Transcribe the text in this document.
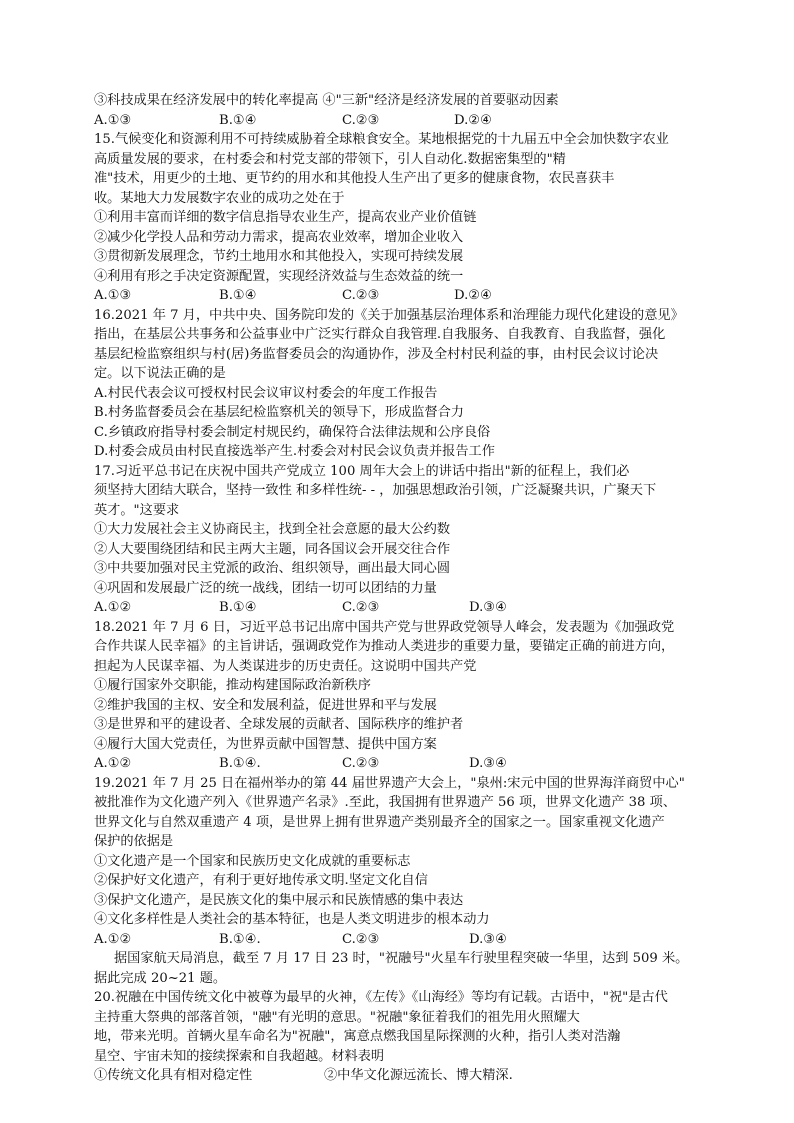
③科技成果在经济发展中的转化率提高 ④"三新"经济是经济发展的首要驱动因素
A.①③	B.①④	C.②③	D.②④
15.气候变化和资源利用不可持续威胁着全球粮食安全。某地根据党的十九届五中全会加快数字农业
高质量发展的要求，在村委会和村党支部的带领下，引人自动化.数据密集型的"精
准"技术，用更少的土地、更节约的用水和其他投人生产出了更多的健康食物，农民喜获丰
收。某地大力发展数字农业的成功之处在于
①利用丰富而详细的数字信息指导农业生产，提高农业产业价值链
②减少化学投人品和劳动力需求，提高农业效率，增加企业收入
③贯彻新发展理念，节约土地用水和其他投入，实现可持续发展
④利用有形之手决定资源配置，实现经济效益与生态效益的统一
A.①③	B.①④	C.②③	D.②④
16.2021 年 7 月，中共中央、国务院印发的《关于加强基层治理体系和治理能力现代化建设的意见》
指出，在基层公共事务和公益事业中广泛实行群众自我管理.自我服务、自我教育、自我监督，强化
基层纪检监察组织与村(居)务监督委员会的沟通协作，涉及全村村民利益的事，由村民会议讨论决
定。以下说法正确的是
A.村民代表会议可授权村民会议审议村委会的年度工作报告
B.村务监督委员会在基层纪检监察机关的领导下，形成监督合力
C.乡镇政府指导村委会制定村规民约，确保符合法律法规和公序良俗
D.村委会成员由村民直接选举产生.村委会对村民会议负责并报告工作
17.习近平总书记在庆祝中国共产党成立 100 周年大会上的讲话中指出"新的征程上，我们必
须坚持大团结大联合，坚持一致性 和多样性统- - ，加强思想政治引领，广泛凝聚共识，广聚天下
英才。"这要求
①大力发展社会主义协商民主，找到全社会意愿的最大公约数
②人大要围绕团结和民主两大主题，同各国议会开展交往合作
③中共要加强对民主党派的政治、组织领导，画出最大同心圆
④巩固和发展最广泛的统一战线，团结一切可以团结的力量
A.①②	B.①④	C.②③	D.③④
18.2021 年 7 月 6 日，习近平总书记出席中国共产党与世界政党领导人峰会，发表题为《加强政党
合作共谋人民幸福》的主旨讲话，强调政党作为推动人类进步的重要力量，要锚定正确的前进方向，
担起为人民谋幸福、为人类谋进步的历史责任。这说明中国共产党
①履行国家外交职能，推动构建国际政治新秩序
②维护我国的主权、安全和发展利益，促进世界和平与发展
③是世界和平的建设者、全球发展的贡献者、国际秩序的维护者
④履行大国大党责任，为世界贡献中国智慧、提供中国方案
A.①②	B.①④.	C.②③	D.③④
19.2021 年 7 月 25 日在福州举办的第 44 届世界遗产大会上，"泉州:宋元中国的世界海洋商贸中心"
被批准作为文化遗产列入《世界遗产名录》.至此，我国拥有世界遗产 56 项，世界文化遗产 38 项、
世界文化与自然双重遗产 4 项，是世界上拥有世界遗产类别最齐全的国家之一。国家重视文化遗产
保护的依据是
①文化遗产是一个国家和民族历史文化成就的重要标志
②保护好文化遗产，有利于更好地传承文明.坚定文化自信
③保护文化遗产，是民族文化的集中展示和民族情感的集中表达
④文化多样性是人类社会的基本特征，也是人类文明进步的根本动力
A.①②	B.①④.	C.②③	D.③④
据国家航天局消息，截至 7 月 17 日 23 时，"祝融号"火星车行驶里程突破一华里，达到 509 米。
据此完成 20~21 题。
20.祝融在中国传统文化中被尊为最早的火神，《左传》《山海经》等均有记载。古语中，"祝"是古代
主持重大祭典的部落首领，"融"有光明的意思。"祝融"象征着我们的祖先用火照耀大
地，带来光明。首辆火星车命名为"祝融"，寓意点燃我国星际探测的火种，指引人类对浩瀚
星空、宇宙未知的接续探索和自我超越。材料表明
①传统文化具有相对稳定性	②中华文化源远流长、博大精深.
